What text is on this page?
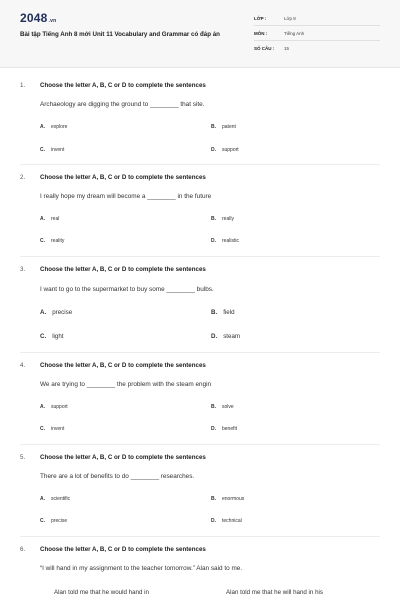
2048.vn
Bài tập Tiếng Anh 8 mới Unit 11 Vocabulary and Grammar có đáp án
LỚP :	Lớp 8
MÔN :	Tiếng Anh
SỐ CÂU : 15
1. Choose the letter A, B, C or D to complete the sentences
Archaeology are digging the ground to ________ that site.
A. explore	B. patent
C. invent	D. support
2. Choose the letter A, B, C or D to complete the sentences
I really hope my dream will become a ________ in the future
A. real	B. really
C. reality	D. realistic
3. Choose the letter A, B, C or D to complete the sentences
I want to go to the supermarket to buy some ________ bulbs.
A. precise	B. field
C. light	D. steam
4. Choose the letter A, B, C or D to complete the sentences
We are trying to ________ the problem with the steam engin
A. support	B. solve
C. invent	D. benefit
5. Choose the letter A, B, C or D to complete the sentences
There are a lot of benefits to do ________ researches.
A. scientific	B. enormous
C. precise	D. technical
6. Choose the letter A, B, C or D to complete the sentences
“I will hand in my assignment to the teacher tomorrow.” Alan said to me.
Alan told me that he would hand in	Alan told me that he will hand in his
